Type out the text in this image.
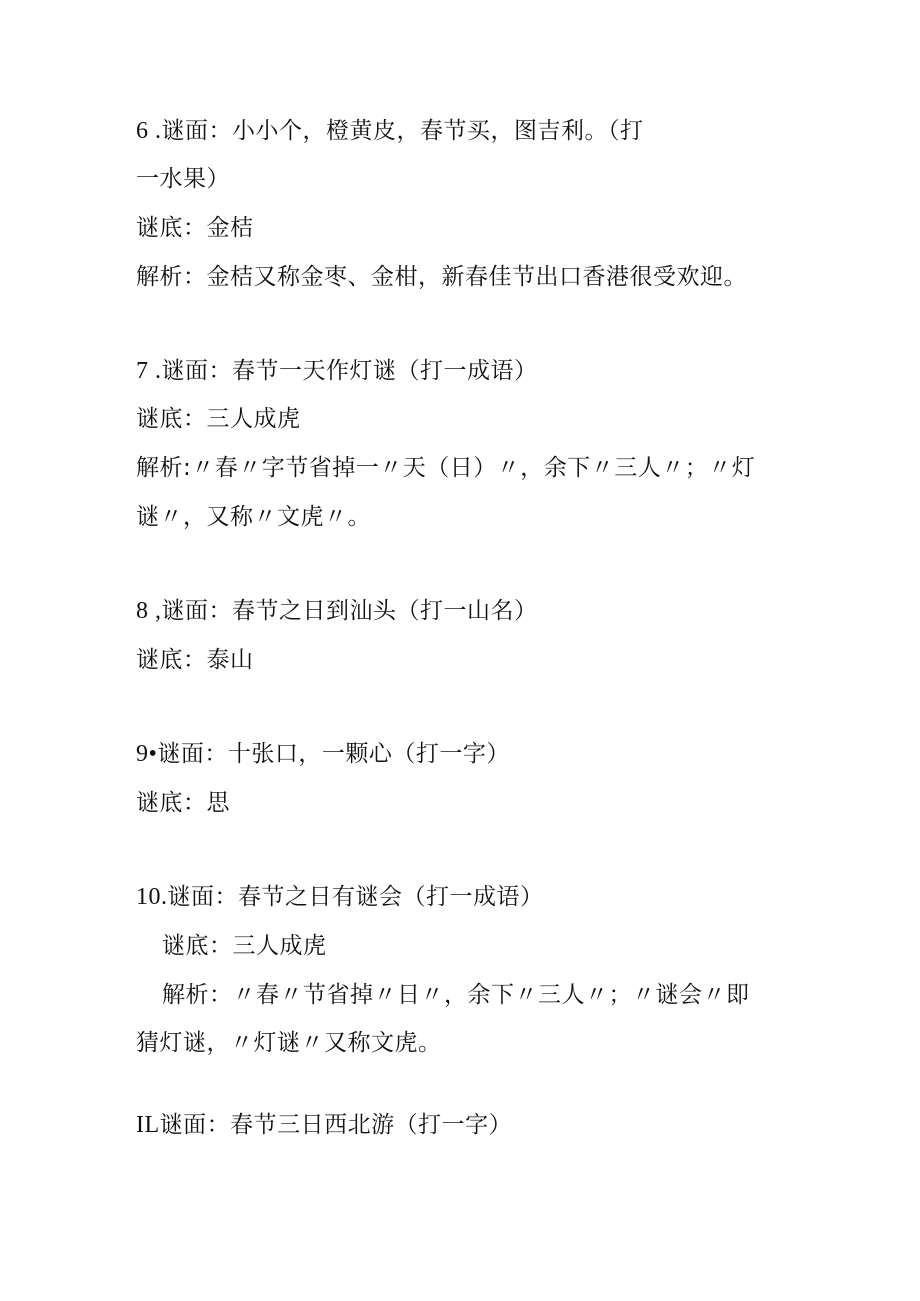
6 .谜面：小小个，橙黄皮，春节买，图吉利。（打
一水果）
谜底：金桔
解析：金桔又称金枣、金柑，新春佳节出口香港很受欢迎。
7 .谜面：春节一天作灯谜（打一成语）
谜底：三人成虎
解析:〃春〃字节省掉一〃天（日）〃，余下〃三人〃；〃灯
谜〃，又称〃文虎〃。
8 ,谜面：春节之日到汕头（打一山名）
谜底：泰山
9•谜面：十张口，一颗心（打一字）
谜底：思
10.谜面：春节之日有谜会（打一成语）
谜底：三人成虎
解析：〃春〃节省掉〃日〃，余下〃三人〃；〃谜会〃即
猜灯谜，〃灯谜〃又称文虎。
IL谜面：春节三日西北游（打一字）
